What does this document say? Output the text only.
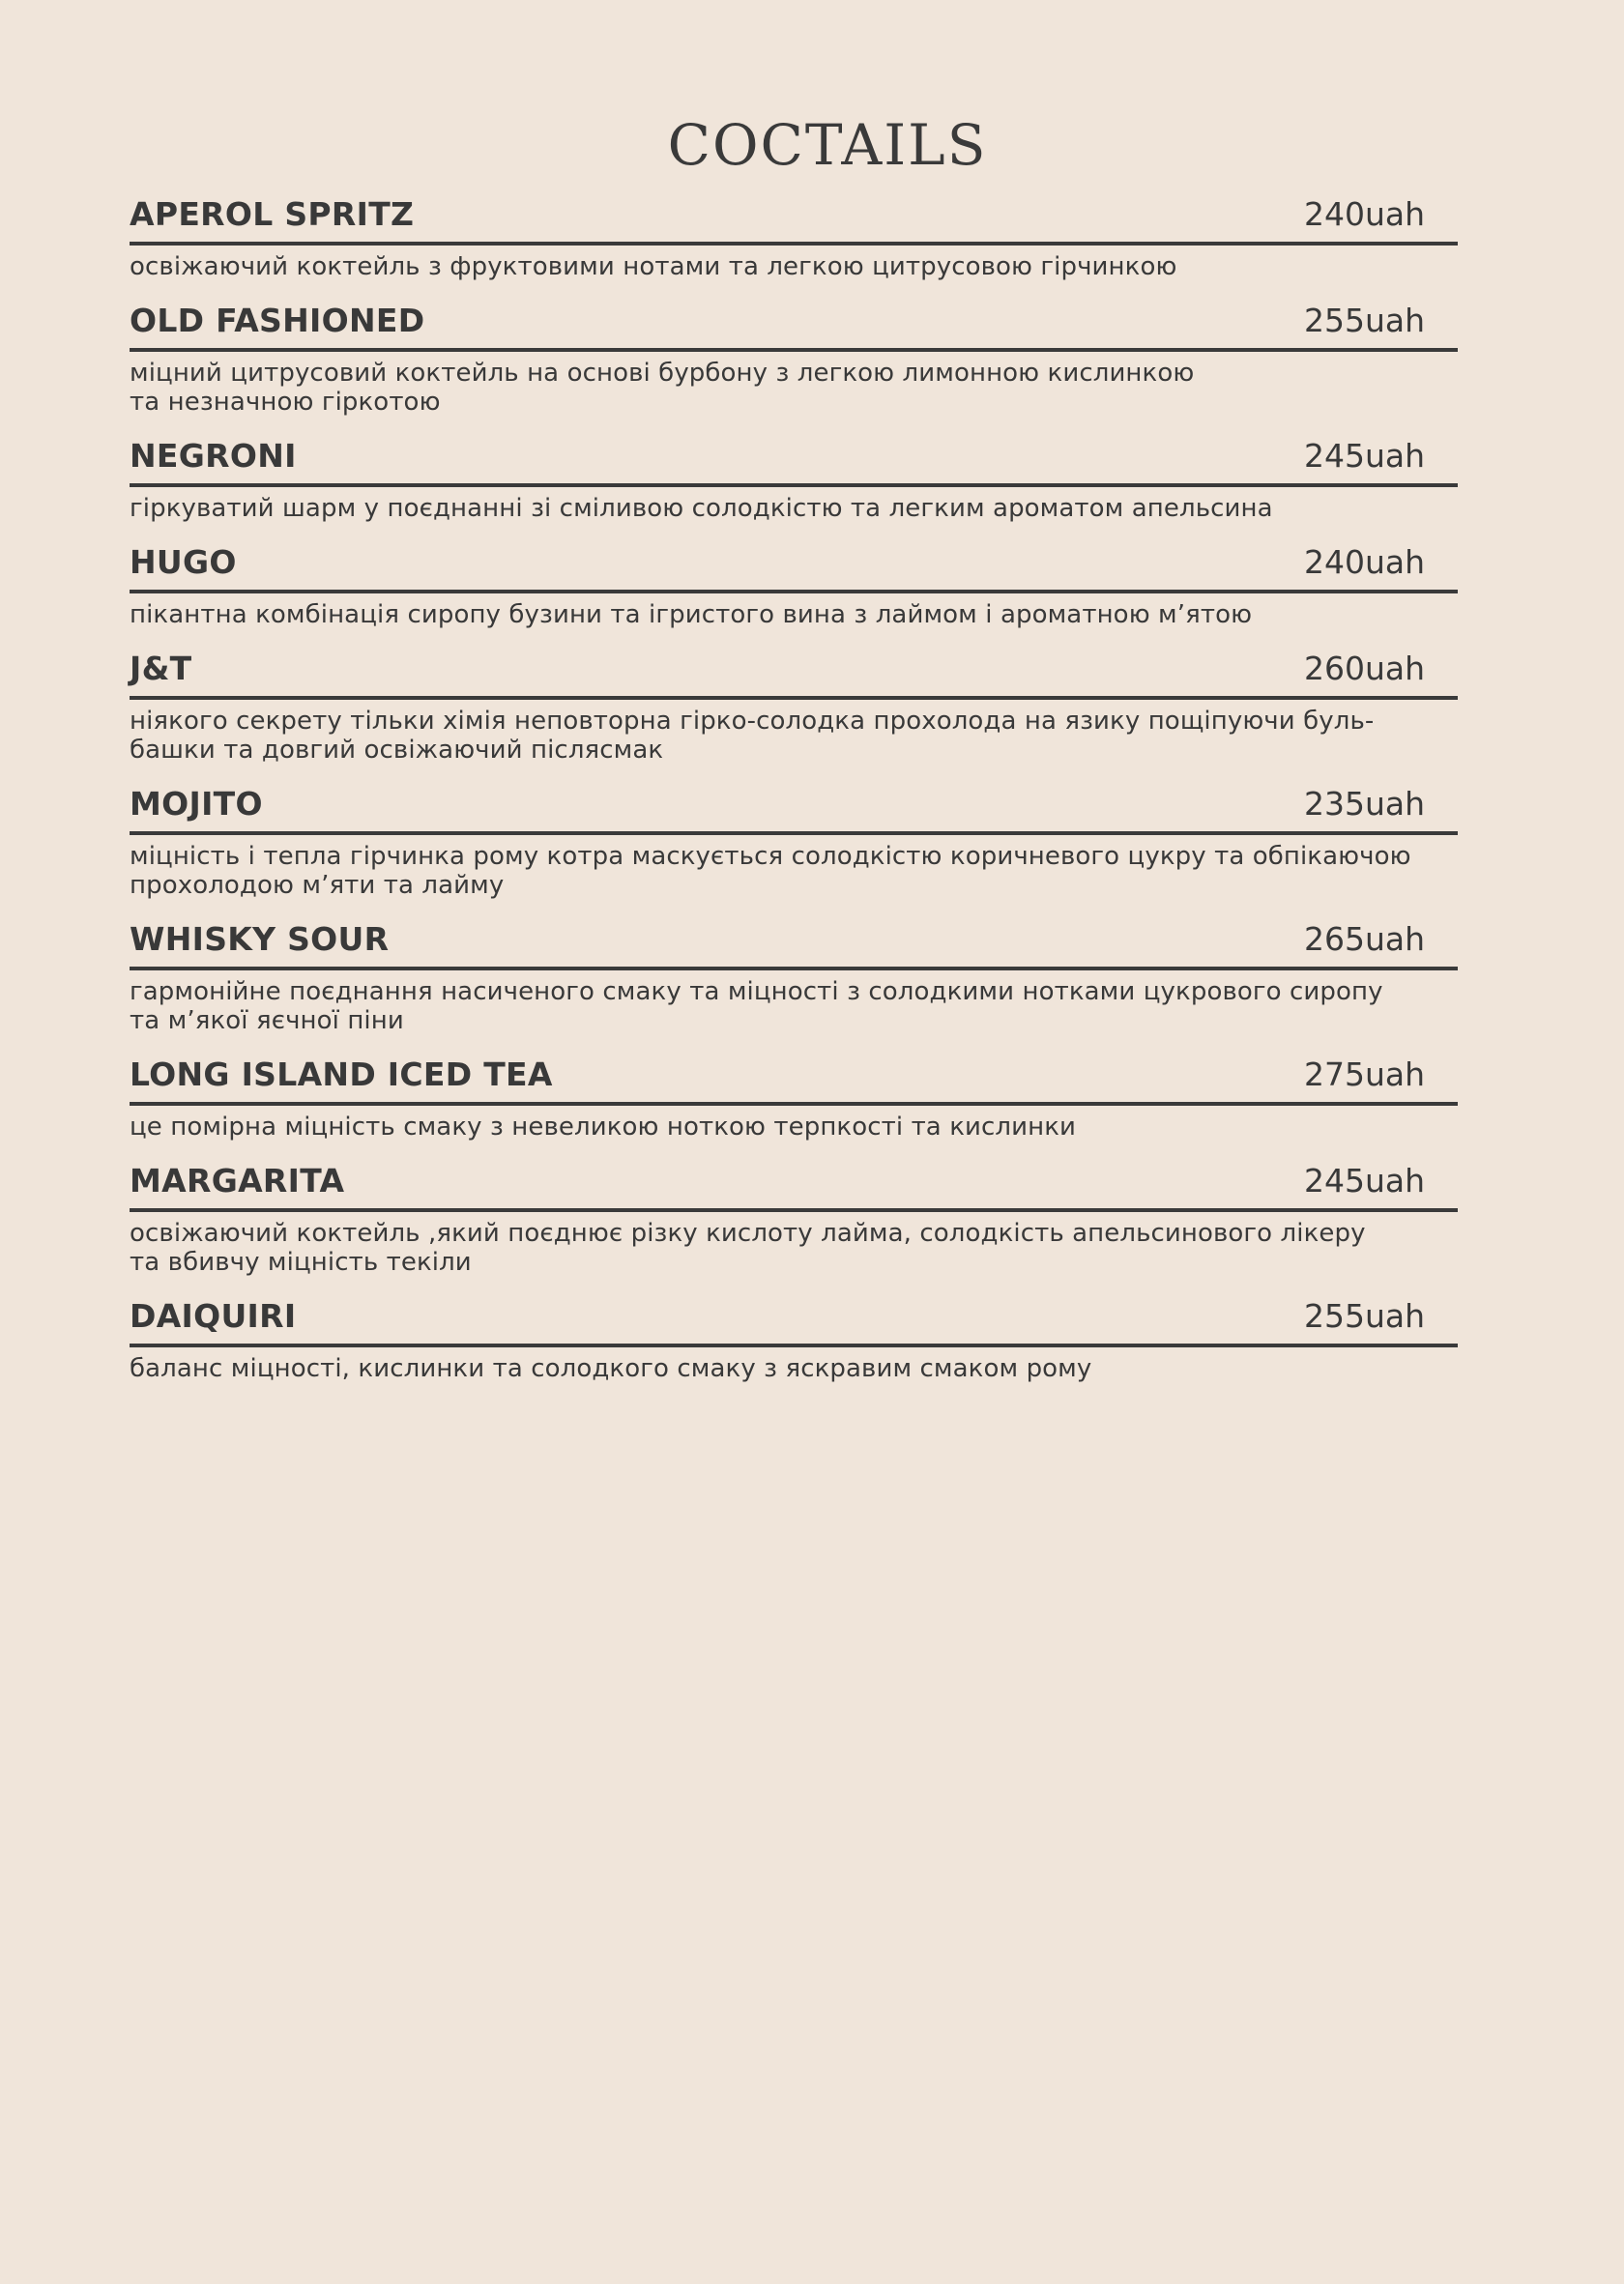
COCTAILS
APEROL SPRITZ	240uah
освіжаючий коктейль з фруктовими нотами та легкою цитрусовою гірчинкою
OLD FASHIONED	255uah
міцний цитрусовий коктейль на основі бурбону з легкою лимонною кислинкою
та незначною гіркотою
NEGRONI	245uah
гіркуватий шарм у поєднанні зі сміливою солодкістю та легким ароматом апельсина
HUGO	240uah
пікантна комбінація сиропу бузини та ігристого вина з лаймом і ароматною м’ятою
J&T	260uah
ніякого секрету тільки хімія неповторна гірко-солодка прохолода на язику пощіпуючи буль-
башки та довгий освіжаючий післясмак
MOJITO	235uah
міцність і тепла гірчинка рому котра маскується солодкістю коричневого цукру та обпікаючою
прохолодою м’яти та лайму
WHISKY SOUR	265uah
гармонійне поєднання насиченого смаку та міцності з солодкими нотками цукрового сиропу
та м’якої яєчної піни
LONG ISLAND ICED TEA	275uah
це помірна міцність смаку з невеликою ноткою терпкості та кислинки
MARGARITA	245uah
освіжаючий коктейль ,який поєднює різку кислоту лайма, солодкість апельсинового лікеру
та вбивчу міцність текіли
DAIQUIRI	255uah
баланс міцності, кислинки та солодкого смаку з яскравим смаком рому
